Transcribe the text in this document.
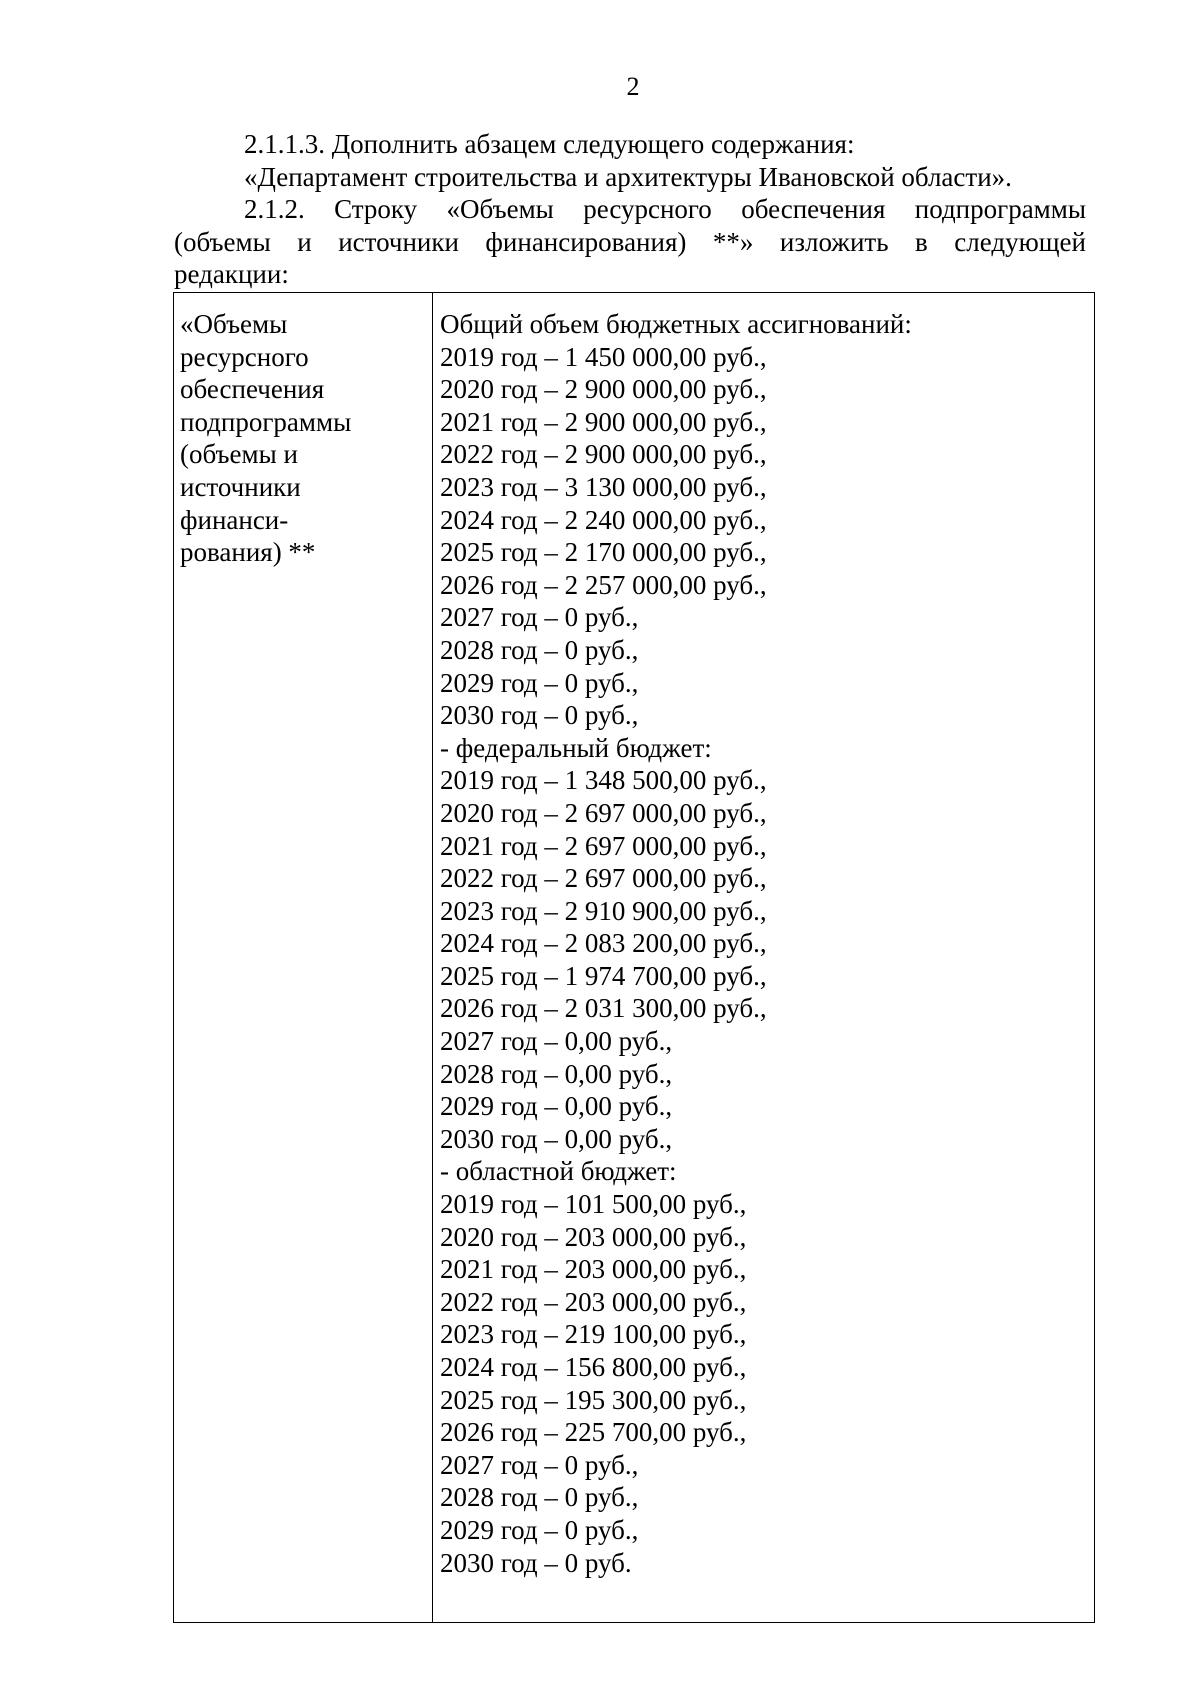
2

2.1.1.3. Дополнить абзацем следующего содержания:

«Департамент строительства и архитектуры Ивановской области».

2.1.2. Строку «Объемы ресурсного обеспечения подпрограммы

(объемы и источники финансирования) **» изложить в следующей

редакции:

«Объемы
ресурсного
обеспечения
подпрограммы
(объемы и
источники
финанси-
рования) **
Общий объем бюджетных ассигнований:
2019 год – 1 450 000,00 руб.,
2020 год – 2 900 000,00 руб.,
2021 год – 2 900 000,00 руб.,
2022 год – 2 900 000,00 руб.,
2023 год – 3 130 000,00 руб.,
2024 год – 2 240 000,00 руб.,
2025 год – 2 170 000,00 руб.,
2026 год – 2 257 000,00 руб.,
2027 год – 0 руб.,
2028 год – 0 руб.,
2029 год – 0 руб.,
2030 год – 0 руб.,
- федеральный бюджет:
2019 год – 1 348 500,00 руб.,
2020 год – 2 697 000,00 руб.,
2021 год – 2 697 000,00 руб.,
2022 год – 2 697 000,00 руб.,
2023 год – 2 910 900,00 руб.,
2024 год – 2 083 200,00 руб.,
2025 год – 1 974 700,00 руб.,
2026 год – 2 031 300,00 руб.,
2027 год – 0,00 руб.,
2028 год – 0,00 руб.,
2029 год – 0,00 руб.,
2030 год – 0,00 руб.,
- областной бюджет:
2019 год – 101 500,00 руб.,
2020 год – 203 000,00 руб.,
2021 год – 203 000,00 руб.,
2022 год – 203 000,00 руб.,
2023 год – 219 100,00 руб.,
2024 год – 156 800,00 руб.,
2025 год – 195 300,00 руб.,
2026 год – 225 700,00 руб.,
2027 год – 0 руб.,
2028 год – 0 руб.,
2029 год – 0 руб.,
2030 год – 0 руб.
